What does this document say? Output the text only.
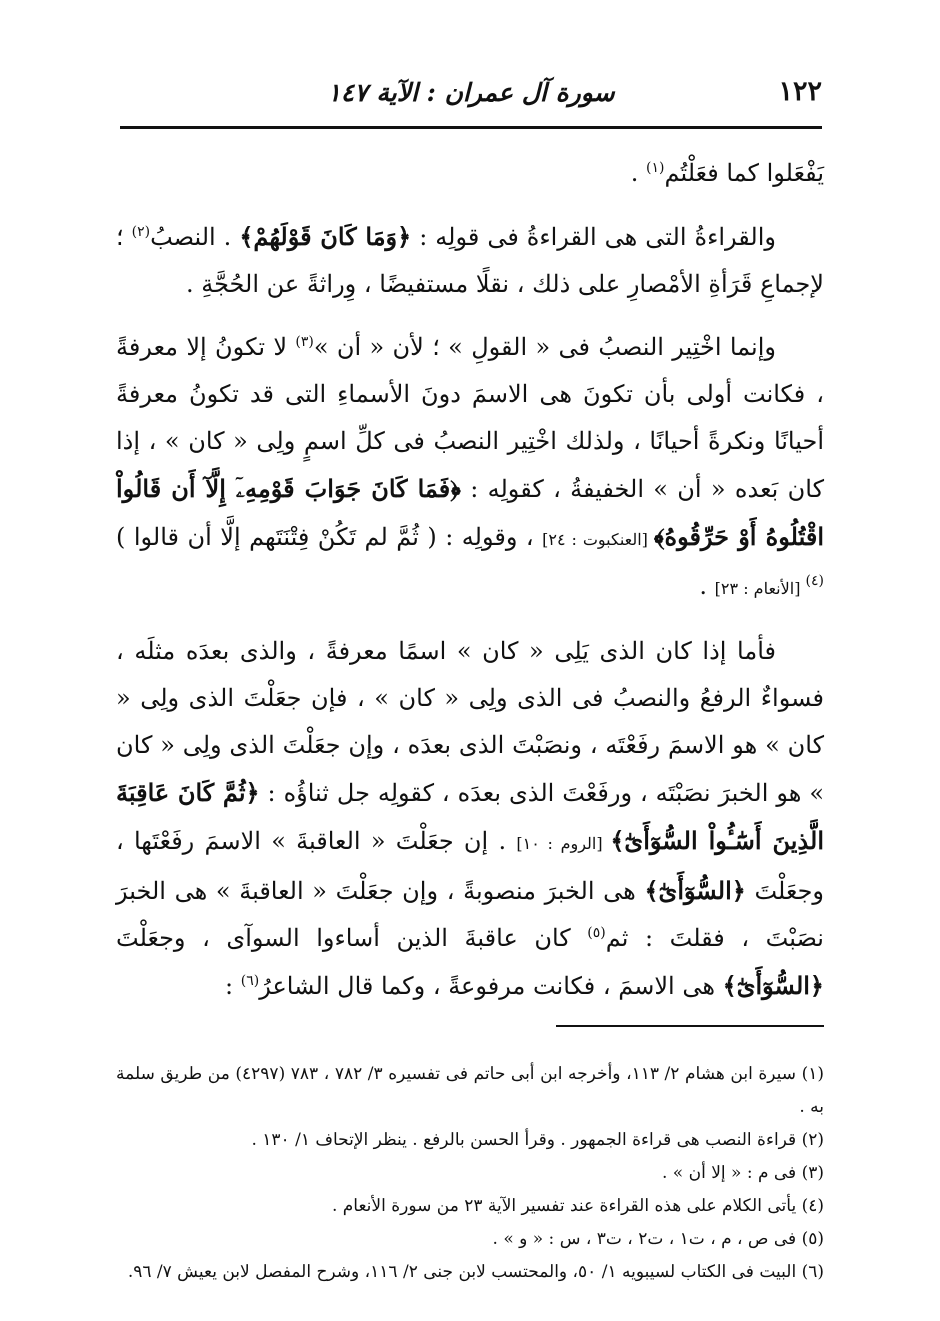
١٢٢
سورة آل عمران : الآية ١٤٧

يَفْعَلوا كما فعَلْتُم$^{(١)}$ .

والقراءةُ التى هى القراءةُ فى قولِه : ﴿وَمَا كَانَ قَوْلَهُمْ﴾ . النصبُ$^{(٢)}$ ؛ لإجماعِ قَرَأةِ الأمْصارِ على ذلك ، نقلًا مستفيضًا ، وِراثةً عن الحُجَّةِ .

وإنما اخْتِير النصبُ فى « القولِ » ؛ لأن « أن »$^{(٣)}$ لا تكونُ إلا معرفةً ، فكانت أولى بأن تكونَ هى الاسمَ دونَ الأسماءِ التى قد تكونُ معرفةً أحيانًا ونكرةً أحيانًا ، ولذلك اخْتِير النصبُ فى كلِّ اسمٍ ولِى « كان » ، إذا كان بَعده « أن » الخفيفةُ ، كقولِه : ﴿فَمَا كَانَ جَوَابَ قَوْمِهِۦٓ إِلَّآ أَن قَالُواْ اقْتُلُوهُ أَوْ حَرِّقُوهُ﴾ [العنكبوت : ٢٤] ، وقولِه : ( ثُمَّ لم تَكُنْ فِتْنَتَهم إلَّا أن قالوا )$^{(٤)}$ [الأنعام : ٢٣] .

فأما إذا كان الذى يَلِى « كان » اسمًا معرفةً ، والذى بعدَه مثلَه ، فسواءٌ الرفعُ والنصبُ فى الذى ولِى « كان » ، فإن جعَلْتَ الذى ولِى « كان » هو الاسمَ رفَعْتَه ، ونصَبْتَ الذى بعدَه ، وإن جعَلْتَ الذى ولِى « كان » هو الخبرَ نصَبْتَه ، ورفَعْتَ الذى بعدَه ، كقولِه جل ثناؤُه : ﴿ثُمَّ كَانَ عَاقِبَةَ الَّذِينَ أَسَٰٓـُٔواْ السُّوٓأَىٰٓ﴾ [الروم : ١٠] . إن جعَلْتَ « العاقبةَ » الاسمَ رفَعْتَها ، وجعَلْتَ ﴿السُّوٓأَىٰٓ﴾ هى الخبرَ منصوبةً ، وإن جعَلْتَ « العاقبةَ » هى الخبرَ نصَبْتَ ، فقلتَ : ثم$^{(٥)}$ كان عاقبةَ الذين أساءوا السوآى ، وجعَلْتَ ﴿السُّوٓأَىٰٓ﴾ هى الاسمَ ، فكانت مرفوعةً ، وكما قال الشاعرُ$^{(٦)}$ :

(١) سيرة ابن هشام ٢/ ١١٣، وأخرجه ابن أبى حاتم فى تفسيره ٣/ ٧٨٢ ، ٧٨٣ (٤٢٩٧) من طريق سلمة به .
(٢) قراءة النصب هى قراءة الجمهور . وقرأ الحسن بالرفع . ينظر الإتحاف ١/ ١٣٠ .
(٣) فى م : « إلا أن » .
(٤) يأتى الكلام على هذه القراءة عند تفسير الآية ٢٣ من سورة الأنعام .
(٥) فى ص ، م ، ت١ ، ت٢ ، ت٣ ، س : « و » .
(٦) البيت فى الكتاب لسيبويه ١/ ٥٠، والمحتسب لابن جنى ٢/ ١١٦، وشرح المفصل لابن يعيش ٧/ ٩٦.
